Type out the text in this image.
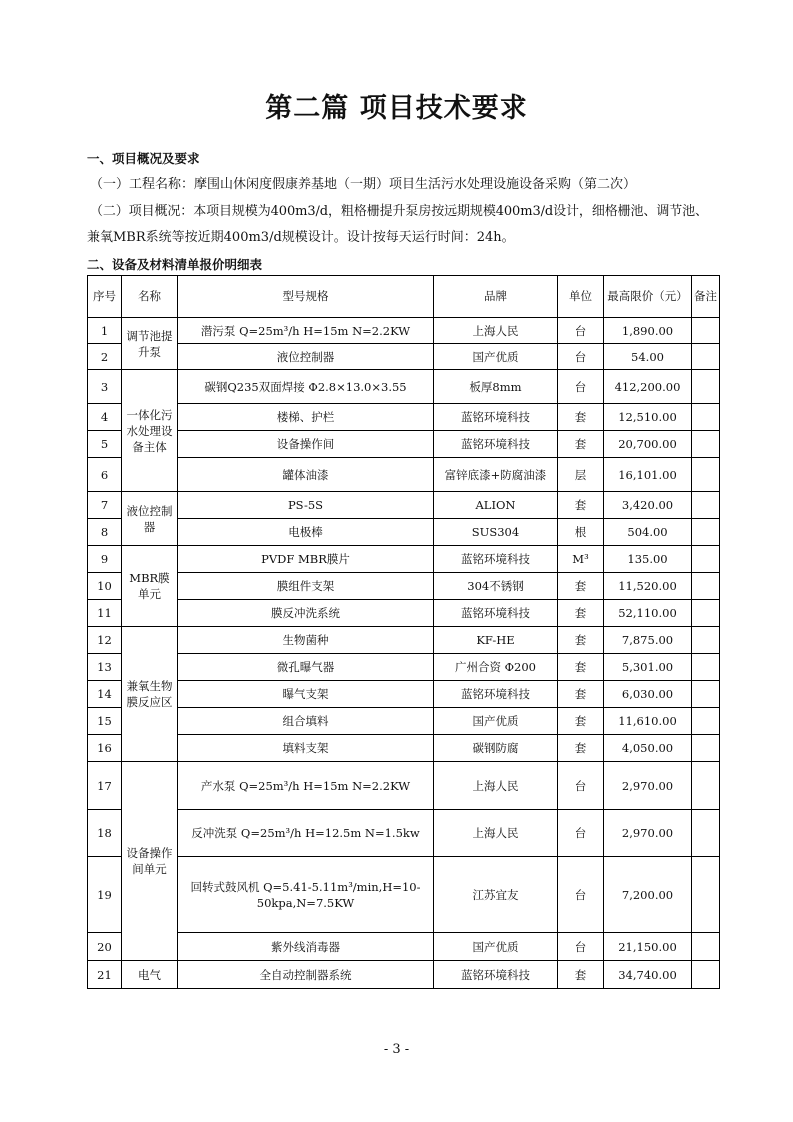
第二篇 项目技术要求
一、项目概况及要求
（一）工程名称：摩围山休闲度假康养基地（一期）项目生活污水处理设施设备采购（第二次）
（二）项目概况：本项目规模为400m3/d，粗格栅提升泵房按远期规模400m3/d设计，细格栅池、调节池、
兼氧MBR系统等按近期400m3/d规模设计。设计按每天运行时间：24h。
二、设备及材料清单报价明细表
序号	名称	型号规格	品牌	单位	最高限价（元）	备注
1	调节池提升泵	潜污泵 Q=25m³/h H=15m N=2.2KW	上海人民	台	1,890.00	
2		液位控制器	国产优质	台	54.00	
3	一体化污水处理设备主体	碳钢Q235双面焊接 Φ2.8×13.0×3.55	板厚8mm	台	412,200.00	
4		楼梯、护栏	蓝铭环境科技	套	12,510.00	
5		设备操作间	蓝铭环境科技	套	20,700.00	
6		罐体油漆	富锌底漆+防腐油漆	层	16,101.00	
7	液位控制器	PS-5S	ALION	套	3,420.00	
8		电极棒	SUS304	根	504.00	
9	MBR膜单元	PVDF MBR膜片	蓝铭环境科技	M³	135.00	
10		膜组件支架	304不锈钢	套	11,520.00	
11		膜反冲洗系统	蓝铭环境科技	套	52,110.00	
12	兼氧生物膜反应区	生物菌种	KF-HE	套	7,875.00	
13		微孔曝气器	广州合资 Φ200	套	5,301.00	
14		曝气支架	蓝铭环境科技	套	6,030.00	
15		组合填料	国产优质	套	11,610.00	
16		填料支架	碳钢防腐	套	4,050.00	
17	设备操作间单元	产水泵 Q=25m³/h H=15m N=2.2KW	上海人民	台	2,970.00	
18		反冲洗泵 Q=25m³/h H=12.5m N=1.5kw	上海人民	台	2,970.00	
19		回转式鼓风机 Q=5.41-5.11m³/min,H=10-50kpa,N=7.5KW	江苏宜友	台	7,200.00	
20		紫外线消毒器	国产优质	台	21,150.00	
21	电气	全自动控制器系统	蓝铭环境科技	套	34,740.00	
- 3 -
